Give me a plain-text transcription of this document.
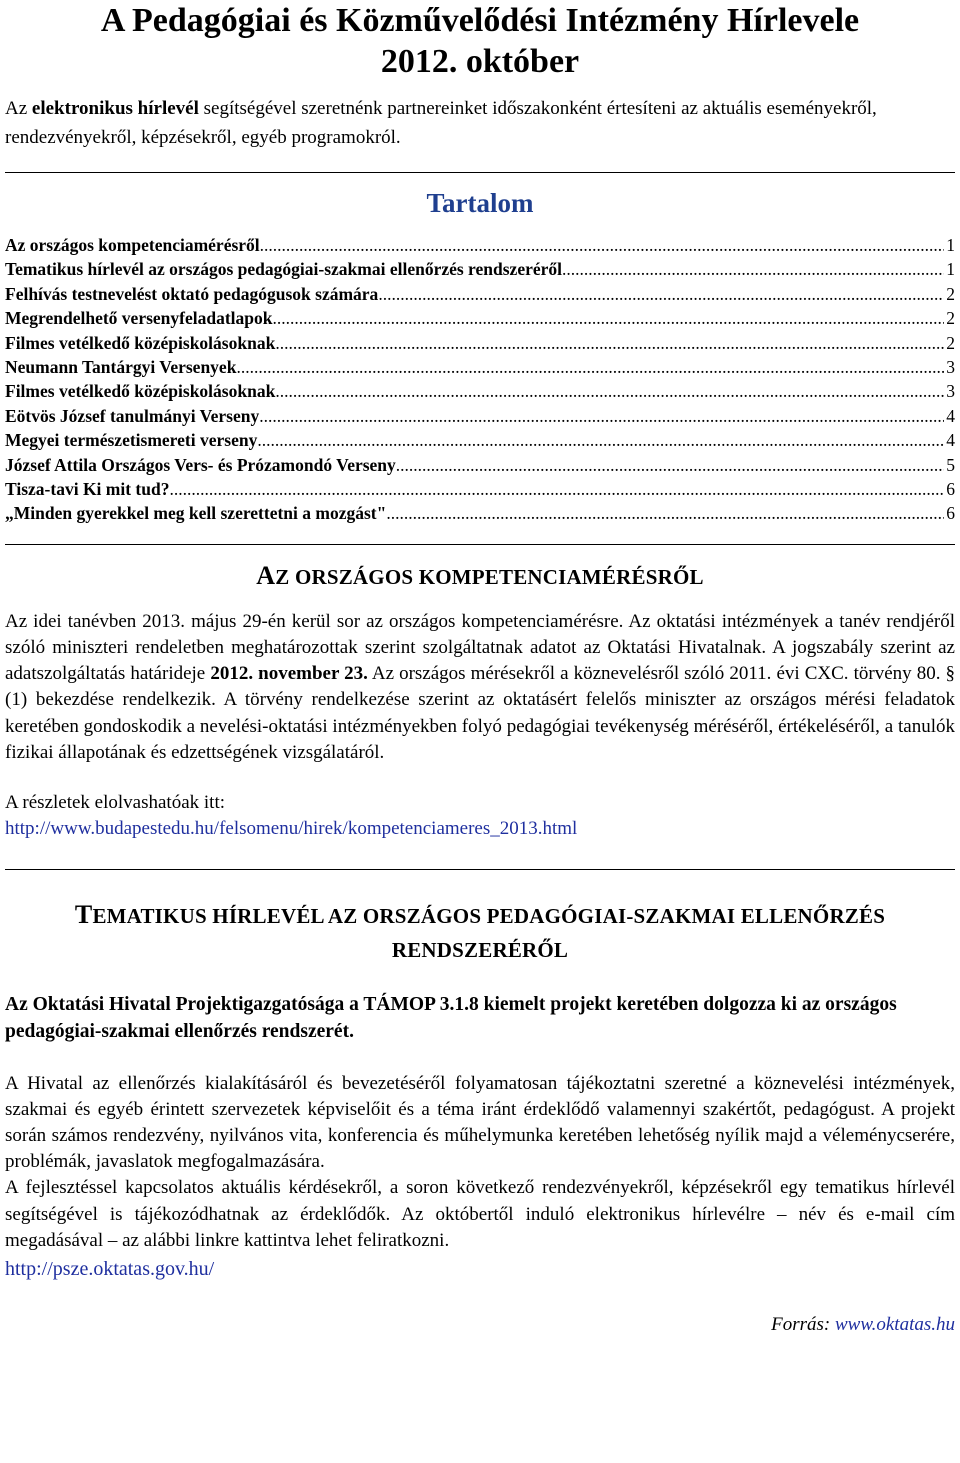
A Pedagógiai és Közművelődési Intézmény Hírlevele
2012. október

Az elektronikus hírlevél segítségével szeretnénk partnereinket időszakonként értesíteni az aktuális eseményekről, rendezvényekről, képzésekről, egyéb programokról.

Tartalom
Az országos kompetenciamérésről .....	1
Tematikus hírlevél az országos pedagógiai-szakmai ellenőrzés rendszeréről .....	1
Felhívás testnevelést oktató pedagógusok számára .....	2
Megrendelhető versenyfeladatlapok .....	2
Filmes vetélkedő középiskolásoknak .....	2
Neumann Tantárgyi Versenyek .....	3
Filmes vetélkedő középiskolásoknak .....	3
Eötvös József tanulmányi Verseny .....	4
Megyei természetismereti verseny .....	4
József Attila Országos Vers- és Prózamondó Verseny .....	5
Tisza-tavi Ki mit tud? .....	6
„Minden gyerekkel meg kell szerettetni a mozgást" .....	6
AZ ORSZÁGOS KOMPETENCIAMÉRÉSRŐL

Az idei tanévben 2013. május 29-én kerül sor az országos kompetenciamérésre. Az oktatási intézmények a tanév rendjéről szóló miniszteri rendeletben meghatározottak szerint szolgáltatnak adatot az Oktatási Hivatalnak. A jogszabály szerint az adatszolgáltatás határideje 2012. november 23. Az országos mérésekről a köznevelésről szóló 2011. évi CXC. törvény 80. § (1) bekezdése rendelkezik. A törvény rendelkezése szerint az oktatásért felelős miniszter az országos mérési feladatok keretében gondoskodik a nevelési-oktatási intézményekben folyó pedagógiai tevékenység méréséről, értékeléséről, a tanulók fizikai állapotának és edzettségének vizsgálatáról.

A részletek elolvashatóak itt:

http://www.budapestedu.hu/felsomenu/hirek/kompetenciameres_2013.html

TEMATIKUS HÍRLEVÉL AZ ORSZÁGOS PEDAGÓGIAI-SZAKMAI ELLENŐRZÉS
RENDSZERÉRŐL

Az Oktatási Hivatal Projektigazgatósága a TÁMOP 3.1.8 kiemelt projekt keretében dolgozza ki az országos pedagógiai-szakmai ellenőrzés rendszerét.

A Hivatal az ellenőrzés kialakításáról és bevezetéséről folyamatosan tájékoztatni szeretné a köznevelési intézmények, szakmai és egyéb érintett szervezetek képviselőit és a téma iránt érdeklődő valamennyi szakértőt, pedagógust. A projekt során számos rendezvény, nyilvános vita, konferencia és műhelymunka keretében lehetőség nyílik majd a véleménycserére, problémák, javaslatok megfogalmazására.

A fejlesztéssel kapcsolatos aktuális kérdésekről, a soron következő rendezvényekről, képzésekről egy tematikus hírlevél segítségével is tájékozódhatnak az érdeklődők. Az októbertől induló elektronikus hírlevélre – név és e-mail cím megadásával – az alábbi linkre kattintva lehet feliratkozni.

http://psze.oktatas.gov.hu/

Forrás: www.oktatas.hu
